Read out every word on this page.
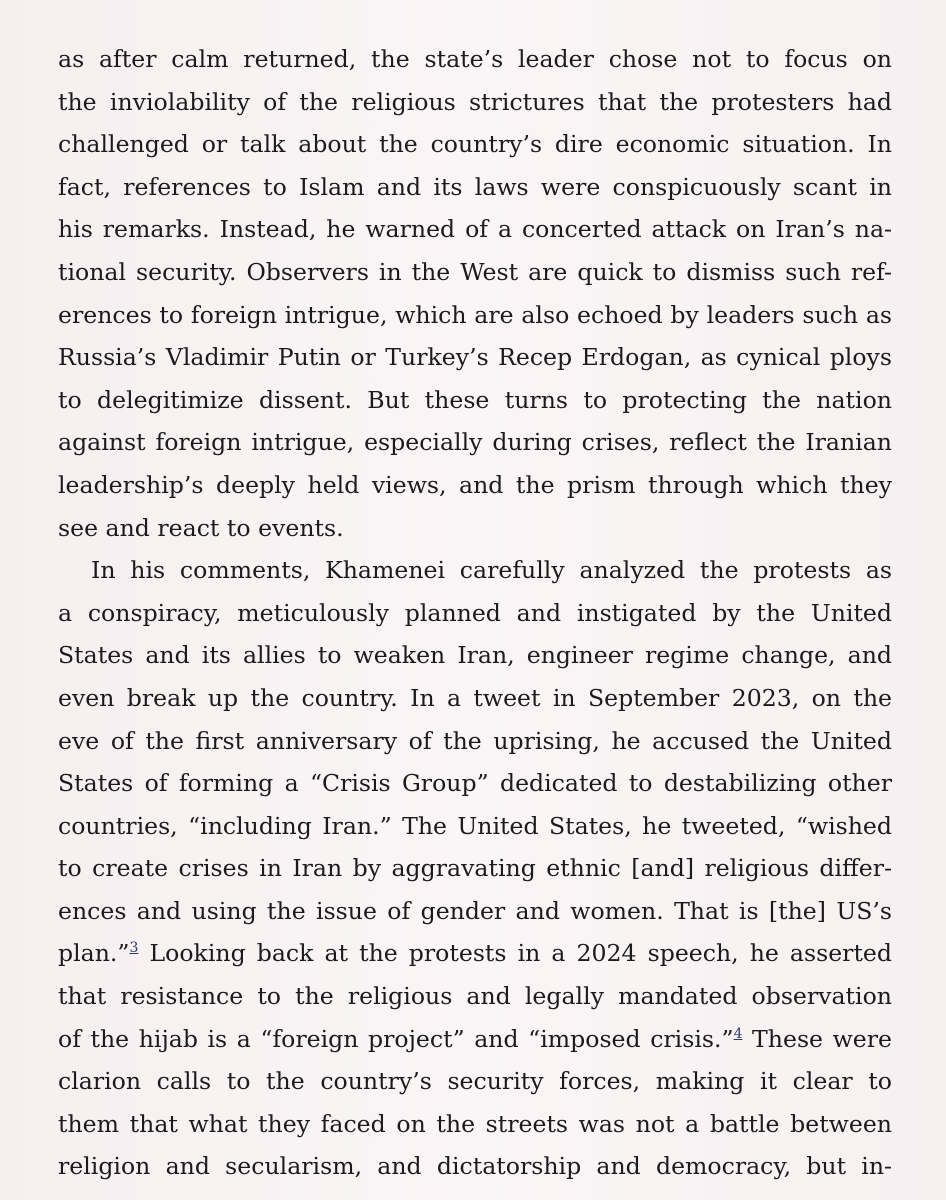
as after calm returned, the state’s leader chose not to focus on
the inviolability of the religious strictures that the protesters had
challenged or talk about the country’s dire economic situation. In
fact, references to Islam and its laws were conspicuously scant in
his remarks. Instead, he warned of a concerted attack on Iran’s na-
tional security. Observers in the West are quick to dismiss such ref-
erences to foreign intrigue, which are also echoed by leaders such as
Russia’s Vladimir Putin or Turkey’s Recep Erdogan, as cynical ploys
to delegitimize dissent. But these turns to protecting the nation
against foreign intrigue, especially during crises, reflect the Iranian
leadership’s deeply held views, and the prism through which they
see and react to events.
In his comments, Khamenei carefully analyzed the protests as
a conspiracy, meticulously planned and instigated by the United
States and its allies to weaken Iran, engineer regime change, and
even break up the country. In a tweet in September 2023, on the
eve of the first anniversary of the uprising, he accused the United
States of forming a “Crisis Group” dedicated to destabilizing other
countries, “including Iran.” The United States, he tweeted, “wished
to create crises in Iran by aggravating ethnic [and] religious differ-
ences and using the issue of gender and women. That is [the] US’s
plan.”$^3$ Looking back at the protests in a 2024 speech, he asserted
that resistance to the religious and legally mandated observation
of the hijab is a “foreign project” and “imposed crisis.”$^4$ These were
clarion calls to the country’s security forces, making it clear to
them that what they faced on the streets was not a battle between
religion and secularism, and dictatorship and democracy, but in-
